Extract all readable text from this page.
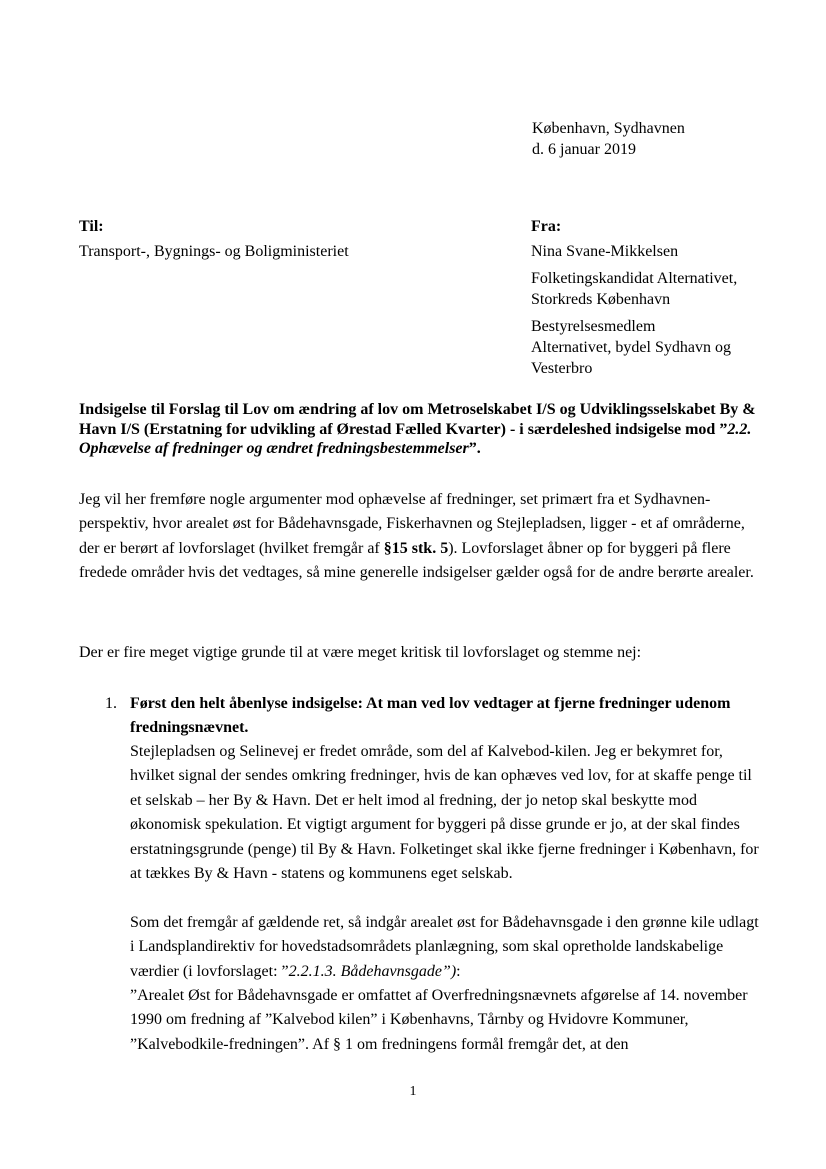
København, Sydhavnen
d. 6 januar 2019
Til:	Fra:
Transport-, Bygnings- og Boligministeriet	Nina Svane-Mikkelsen

Folketingskandidat Alternativet,
Storkreds København
Bestyrelsesmedlem
Alternativet, bydel Sydhavn og
Vesterbro

Indsigelse til Forslag til Lov om ændring af lov om Metroselskabet I/S og Udviklingsselskabet By & Havn I/S (Erstatning for udvikling af Ørestad Fælled Kvarter) - i særdeleshed indsigelse mod ”2.2. Ophævelse af fredninger og ændret fredningsbestemmelser”.

Jeg vil her fremføre nogle argumenter mod ophævelse af fredninger, set primært fra et Sydhavnen-perspektiv, hvor arealet øst for Bådehavnsgade, Fiskerhavnen og Stejlepladsen, ligger - et af områderne, der er berørt af lovforslaget (hvilket fremgår af §15 stk. 5). Lovforslaget åbner op for byggeri på flere fredede områder hvis det vedtages, så mine generelle indsigelser gælder også for de andre berørte arealer.

Der er fire meget vigtige grunde til at være meget kritisk til lovforslaget og stemme nej:

1. Først den helt åbenlyse indsigelse: At man ved lov vedtager at fjerne fredninger udenom fredningsnævnet.

Stejlepladsen og Selinevej er fredet område, som del af Kalvebod-kilen. Jeg er bekymret for, hvilket signal der sendes omkring fredninger, hvis de kan ophæves ved lov, for at skaffe penge til et selskab – her By & Havn. Det er helt imod al fredning, der jo netop skal beskytte mod økonomisk spekulation. Et vigtigt argument for byggeri på disse grunde er jo, at der skal findes erstatningsgrunde (penge) til By & Havn. Folketinget skal ikke fjerne fredninger i København, for at tækkes By & Havn - statens og kommunens eget selskab.

Som det fremgår af gældende ret, så indgår arealet øst for Bådehavnsgade i den grønne kile udlagt i Landsplandirektiv for hovedstadsområdets planlægning, som skal opretholde landskabelige værdier (i lovforslaget: ”2.2.1.3. Bådehavnsgade”):

”Arealet Øst for Bådehavnsgade er omfattet af Overfredningsnævnets afgørelse af 14. november 1990 om fredning af ”Kalvebod kilen” i Københavns, Tårnby og Hvidovre Kommuner, ”Kalvebodkile-fredningen”. Af § 1 om fredningens formål fremgår det, at den

1
